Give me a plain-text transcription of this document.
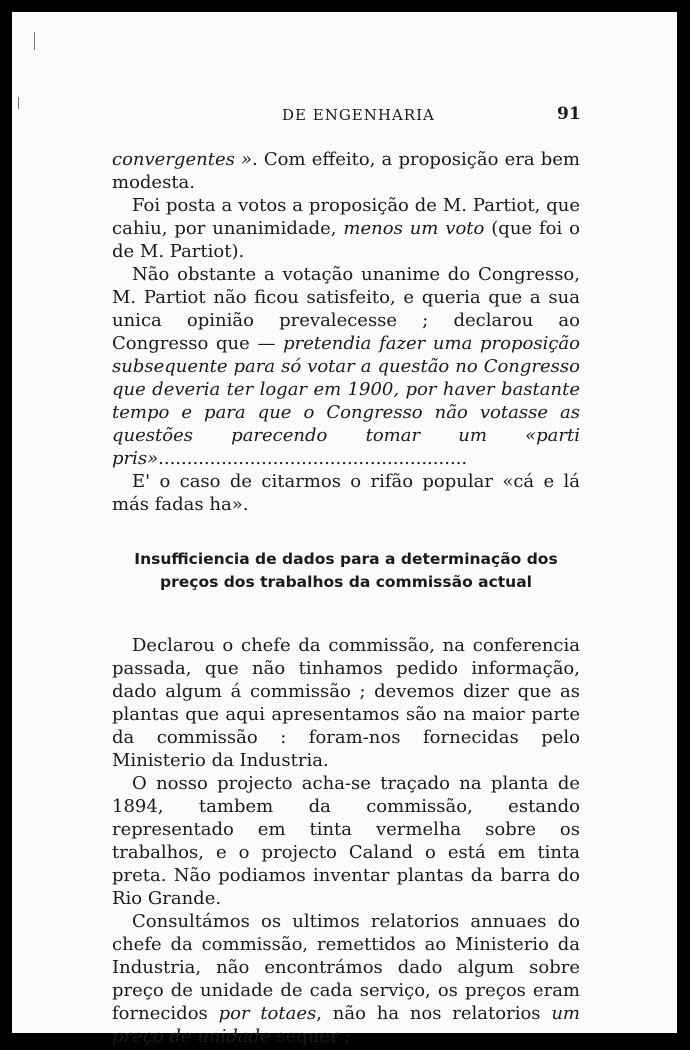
DE ENGENHARIA	91

convergentes ». Com effeito, a proposição era bem modesta.

Foi posta a votos a proposição de M. Partiot, que cahiu, por unanimidade, menos um voto (que foi o de M. Partiot).

Não obstante a votação unanime do Congresso, M. Partiot não ficou satisfeito, e queria que a sua unica opinião prevalecesse ; declarou ao Congresso que — pretendia fazer uma proposição subsequente para só votar a questão no Congresso que deveria ter logar em 1900, por haver bastante tempo e para que o Congresso não votasse as questões parecendo tomar um «parti pris»......................................................

E' o caso de citarmos o rifão popular «cá e lá más fadas ha».

Insufficiencia de dados para a determinação dos
preços dos trabalhos da commissão actual

Declarou o chefe da commissão, na conferencia passada, que não tinhamos pedido informação, dado algum á commissão ; devemos dizer que as plantas que aqui apresentamos são na maior parte da commissão : foram-nos fornecidas pelo Ministerio da Industria.

O nosso projecto acha-se traçado na planta de 1894, tambem da commissão, estando representado em tinta vermelha sobre os trabalhos, e o projecto Caland o está em tinta preta. Não podiamos inventar plantas da barra do Rio Grande.

Consultámos os ultimos relatorios annuaes do chefe da commissão, remettidos ao Ministerio da Industria, não encontrámos dado algum sobre preço de unidade de cada serviço, os preços eram fornecidos por totaes, não ha nos relatorios um preço de unidade sequer ;
